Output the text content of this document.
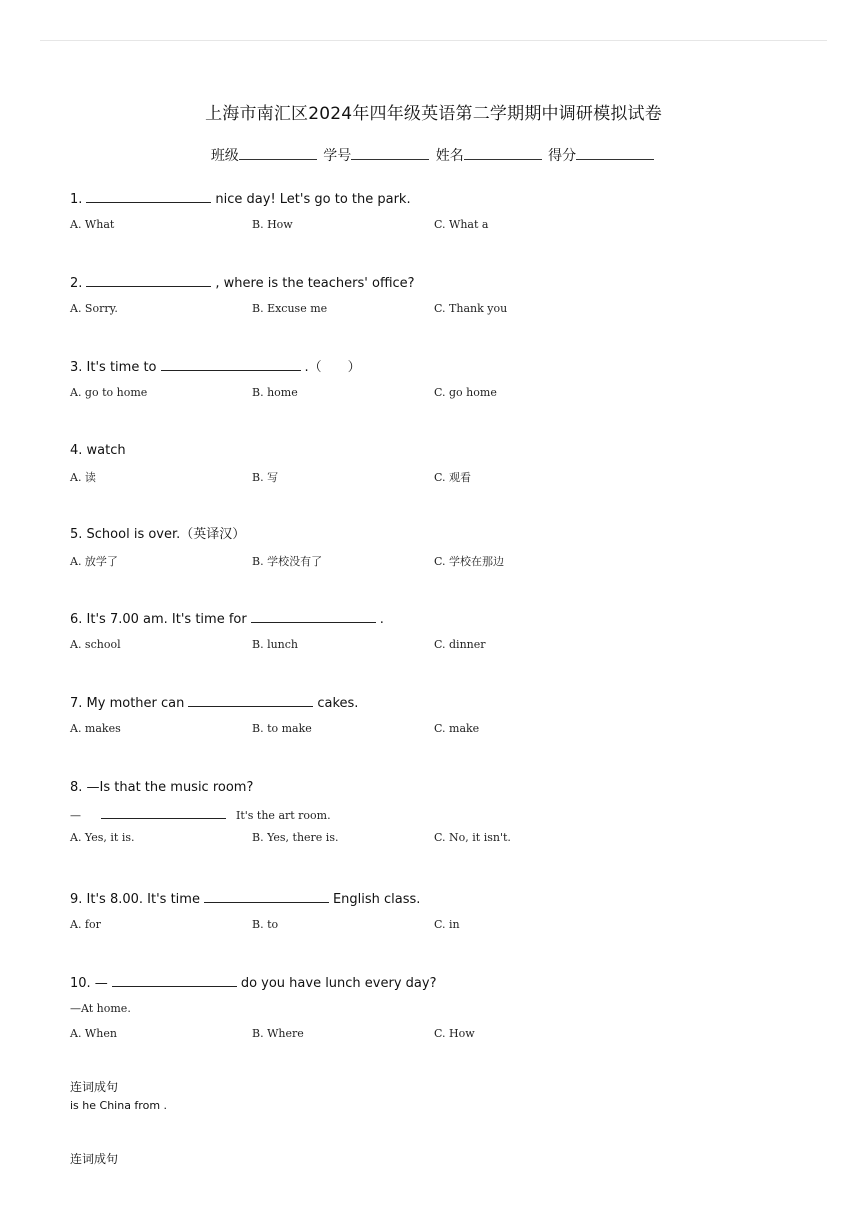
上海市南汇区2024年四年级英语第二学期期中调研模拟试卷
班级	学号	姓名	得分
1.	nice day! Let's go to the park.
A. What	B. How	C. What a
2.	, where is the teachers' office?
A. Sorry.	B. Excuse me	C. Thank you
3. It's time to	.（　　）
A. go to home	B. home	C. go home
4. watch
A. 读	B. 写	C. 观看
5. School is over.（英译汉）
A. 放学了	B. 学校没有了	C. 学校在那边
6. It's 7.00 am. It's time for	.
A. school	B. lunch	C. dinner
7. My mother can	cakes.
A. makes	B. to make	C. make
8. —Is that the music room?
—	It's the art room.
A. Yes, it is.	B. Yes, there is.	C. No, it isn't.
9. It's 8.00. It's time	English class.
A. for	B. to	C. in
10. —	do you have lunch every day?
—At home.
A. When	B. Where	C. How
连词成句
is he China from .
连词成句
